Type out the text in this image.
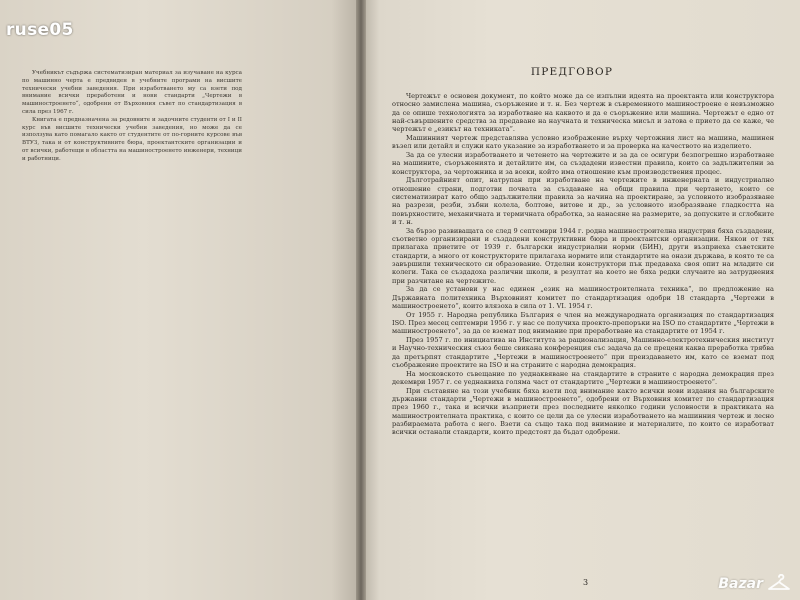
Учебникът съдържа систематизиран материал за изучаване на курса по машинно черта е предвиден в учебните програми на висшите технически учебни заведения. При изработването му са взети под внимание всички преработени и нови стандарти „Чертежи в машиностроенето“, одобрени от Върховния съвет по стандартизация в сила през 1967 г.

Книгата е предназначена за редовните и задочните студенти от I и II курс във висшите технически учебни заведения, но може да се използува като помагало както от студентите от по-горните курсове във ВТУЗ, така и от конструктивните бюра, проектантските организации и от всички, работещи в областта на машиностроенето инженери, техници и работници.

ruse05
ПРЕДГОВОР

Чертежът е основен документ, по който може да се изпълни идеята на проектанта или конструктора относно замислена машина, съоръжение и т. н. Без чертеж в съвременното машиностроене е невъзможно да се опише технологията за изработване на каквото и да е съоръжение или машина. Чертежът е едно от най-съвършените средства за предаване на научната и техническа мисъл и затова е прието да се каже, че чертежът е „езикът на техниката“.

Машинният чертеж представлява условно изображение върху чертожния лист на машина, машинен възел или детайл и служи като указание за изработването и за проверка на качеството на изделието.

За да се улесни изработването и четенето на чертежите и за да се осигури безпогрешно изработване на машините, съоръженията и детайлите им, са създадени известни правила, които са задължителни за конструктора, за чертожника и за всеки, който има отношение към производствения процес.

Дълготрайният опит, натрупан при изработване на чертежите в инженерната и индустриално отношение страни, подготви почвата за създаване на общи правила при чертането, които се систематизират като общо задължителни правила за начина на проектиране, за условното изобразяване на разрези, резби, зъбни колела, болтове, витове и др., за условното изобразяване гладкостта на повърхностите, механичната и термичната обработка, за нанасяне на размерите, за допуските и сглобките и т. н.

За бързо развиващата се след 9 септември 1944 г. родна машиностроителна индустрия бяха създадени, съответно организирани и създадени конструктивни бюра и проектантски организации. Някои от тях прилагаха приетите от 1939 г. български индустриални норми (БИН), други възприеха съветските стандарти, а много от конструкторите прилагаха нормите или стандартите на онази държава, в която те са завършили техническото си образование. Отделни конструктори пък предаваха своя опит на младите си колеги. Така се създадоха различни школи, в резултат на което не бяха редки случаите на затруднения при разчитане на чертежите.

За да се установи у нас единен „език на машиностроителната техника“, по предложение на Държавната политехника Върховният комитет по стандартизация одобри 18 стандарта „Чертежи в машиностроенето“, които влязоха в сила от 1. VI. 1954 г.

От 1955 г. Народна република България е член на международната организация по стандартизация ISO. През месец септември 1956 г. у нас се получиха проекто-препоръки на ISO по стандартите „Чертежи в машиностроенето“, за да се вземат под внимание при преработване на стандартите от 1954 г.

През 1957 г. по инициатива на Института за рационализация, Машинно-електротехническия институт и Научно-техническия съюз беше свикана конференция със задача да се прецени каква преработка трябва да претърпят стандартите „Чертежи в машиностроенето“ при преиздаването им, като се вземат под съображение проектите на ISO и на страните с народна демокрация.

На московското съвещание по уеднаквяване на стандартите в страните с народна демокрация през декември 1957 г. се уеднаквиха голяма част от стандартите „Чертежи в машиностроенето“.

При съставяне на този учебник бяха взети под внимание както всички нови издания на българските държавни стандарти „Чертежи в машиностроенето“, одобрени от Върховния комитет по стандартизация през 1960 г., така и всички възприети през последните няколко години условности в практиката на машиностроителната практика, с които се цели да се улесни изработването на машинния чертеж и лесно разбираемата работа с него. Взети са също така под внимание и материалите, по които се изработват всички останали стандарти, които предстоят да бъдат одобрени.

3	Bazar
